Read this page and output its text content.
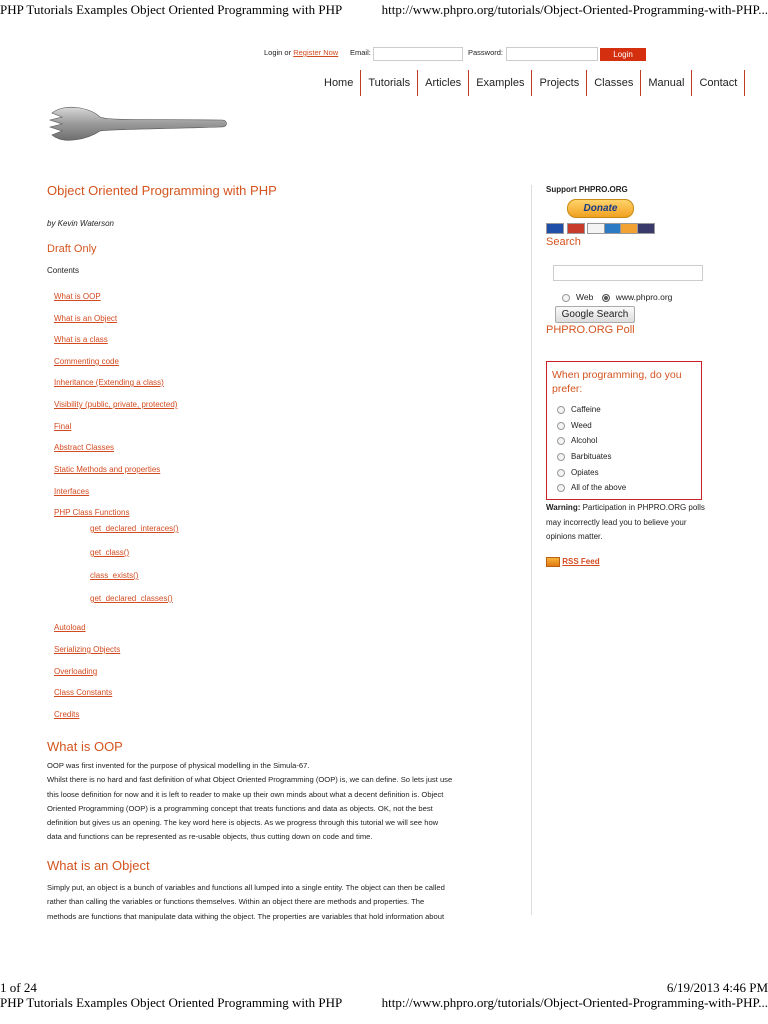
PHP Tutorials Examples Object Oriented Programming with PHP	http://www.phpro.org/tutorials/Object-Oriented-Programming-with-PHP...
Login or Register Now Email:	Password:	Login
Home	Tutorials	Articles	Examples	Projects	Classes	Manual	Contact
Object Oriented Programming with PHP
by Kevin Waterson
Draft Only
Contents
What is OOP
What is an Object
What is a class
Commenting code
Inheritance (Extending a class)
Visibility (public, private, protected)
Final
Abstract Classes
Static Methods and properties
Interfaces
PHP Class Functions
get_declared_interaces()
get_class()
class_exists()
get_declared_classes()
Autoload
Serializing Objects
Overloading
Class Constants
Credits
What is OOP
OOP was first invented for the purpose of physical modelling in the Simula-67.
Whilst there is no hard and fast definition of what Object Oriented Programming (OOP) is, we can define. So lets just use
this loose definition for now and it is left to reader to make up their own minds about what a decent definition is. Object
Oriented Programming (OOP) is a programming concept that treats functions and data as objects. OK, not the best
definition but gives us an opening. The key word here is objects. As we progress through this tutorial we will see how
data and functions can be represented as re-usable objects, thus cutting down on code and time.
What is an Object
Simply put, an object is a bunch of variables and functions all lumped into a single entity. The object can then be called
rather than calling the variables or functions themselves. Within an object there are methods and properties. The
methods are functions that manipulate data withing the object. The properties are variables that hold information about
Support PHPRO.ORG
Donate
Search
Web	www.phpro.org
Google Search
PHPRO.ORG Poll
When programming, do you prefer:
Caffeine
Weed
Alcohol
Barbituates
Opiates
All of the above
Warning: Participation in PHPRO.ORG polls
may incorrectly lead you to believe your
opinions matter.
RSS Feed
1 of 24	6/19/2013 4:46 PM
PHP Tutorials Examples Object Oriented Programming with PHP	http://www.phpro.org/tutorials/Object-Oriented-Programming-with-PHP...
